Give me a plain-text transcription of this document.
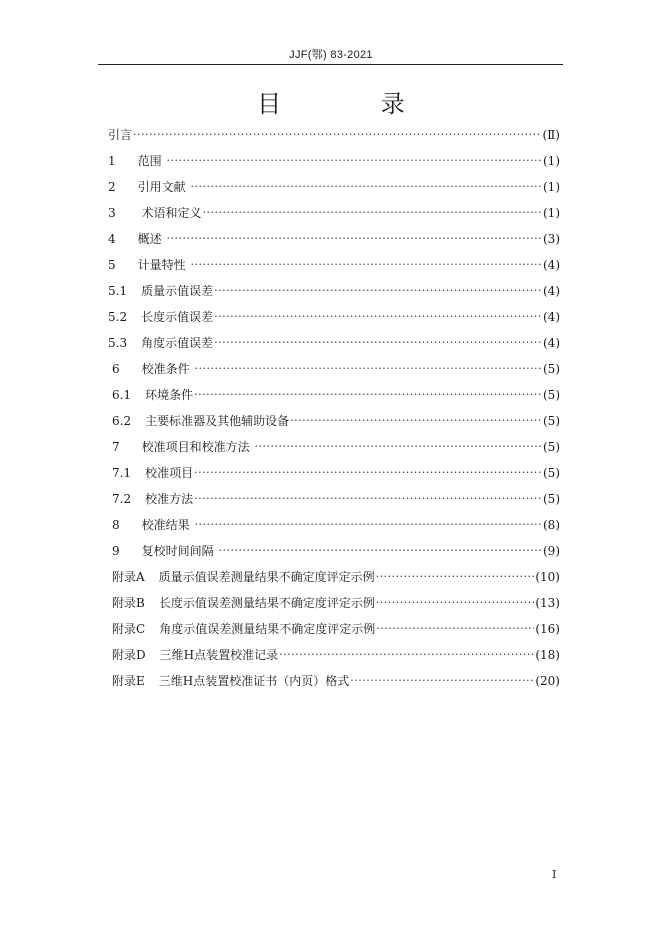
JJF(鄂) 83-2021
目 录
引言 ·····	(Ⅱ)
1 范围 ·····	(1)
2 引用文献 ·····	(1)
3 术语和定义 ·····	(1)
4 概述 ·····	(3)
5 计量特性 ·····	(4)
5.1 质量示值误差 ·····	(4)
5.2 长度示值误差 ·····	(4)
5.3 角度示值误差 ·····	(4)
6 校准条件 ·····	(5)
6.1 环境条件 ·····	(5)
6.2 主要标准器及其他辅助设备 ·····	(5)
7 校准项目和校准方法 ·····	(5)
7.1 校准项目 ·····	(5)
7.2 校准方法 ·····	(5)
8 校准结果 ·····	(8)
9 复校时间间隔 ·····	(9)
附录A 质量示值误差测量结果不确定度评定示例 ·····	(10)
附录B 长度示值误差测量结果不确定度评定示例 ·····	(13)
附录C 角度示值误差测量结果不确定度评定示例 ·····	(16)
附录D 三维H点装置校准记录 ·····	(18)
附录E 三维H点装置校准证书（内页）格式 ·····	(20)
I
